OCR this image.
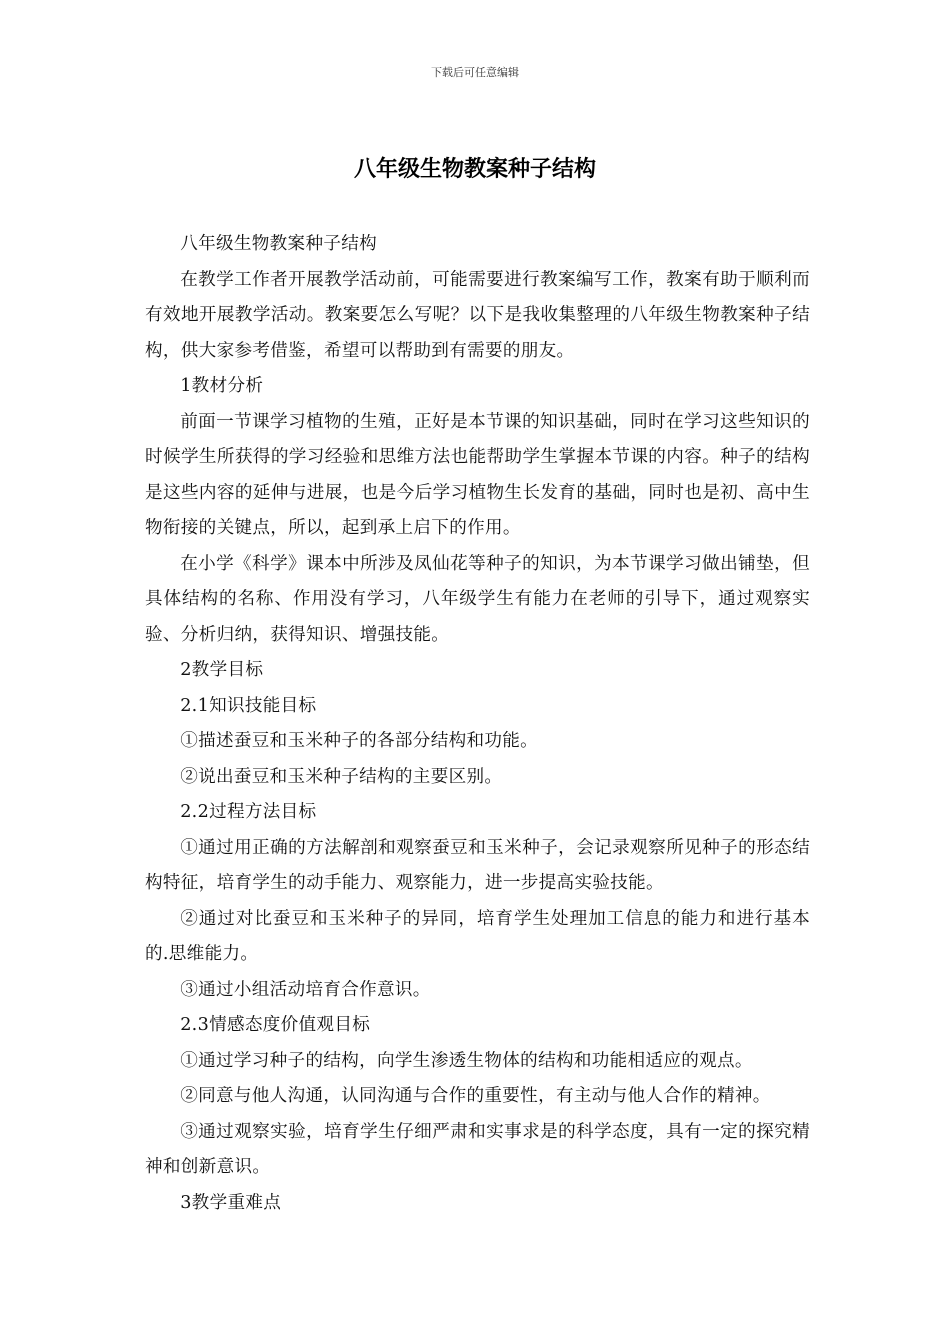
下载后可任意编辑
八年级生物教案种子结构

八年级生物教案种子结构

在教学工作者开展教学活动前，可能需要进行教案编写工作，教案有助于顺利而有效地开展教学活动。教案要怎么写呢？以下是我收集整理的八年级生物教案种子结构，供大家参考借鉴，希望可以帮助到有需要的朋友。

1教材分析

前面一节课学习植物的生殖，正好是本节课的知识基础，同时在学习这些知识的时候学生所获得的学习经验和思维方法也能帮助学生掌握本节课的内容。种子的结构是这些内容的延伸与进展，也是今后学习植物生长发育的基础，同时也是初、高中生物衔接的关键点，所以，起到承上启下的作用。

在小学《科学》课本中所涉及凤仙花等种子的知识，为本节课学习做出铺垫，但具体结构的名称、作用没有学习，八年级学生有能力在老师的引导下，通过观察实验、分析归纳，获得知识、增强技能。

2教学目标

2.1知识技能目标

①描述蚕豆和玉米种子的各部分结构和功能。

②说出蚕豆和玉米种子结构的主要区别。

2.2过程方法目标

①通过用正确的方法解剖和观察蚕豆和玉米种子，会记录观察所见种子的形态结构特征，培育学生的动手能力、观察能力，进一步提高实验技能。

②通过对比蚕豆和玉米种子的异同，培育学生处理加工信息的能力和进行基本的.思维能力。

③通过小组活动培育合作意识。

2.3情感态度价值观目标

①通过学习种子的结构，向学生渗透生物体的结构和功能相适应的观点。

②同意与他人沟通，认同沟通与合作的重要性，有主动与他人合作的精神。

③通过观察实验，培育学生仔细严肃和实事求是的科学态度，具有一定的探究精神和创新意识。

3教学重难点
